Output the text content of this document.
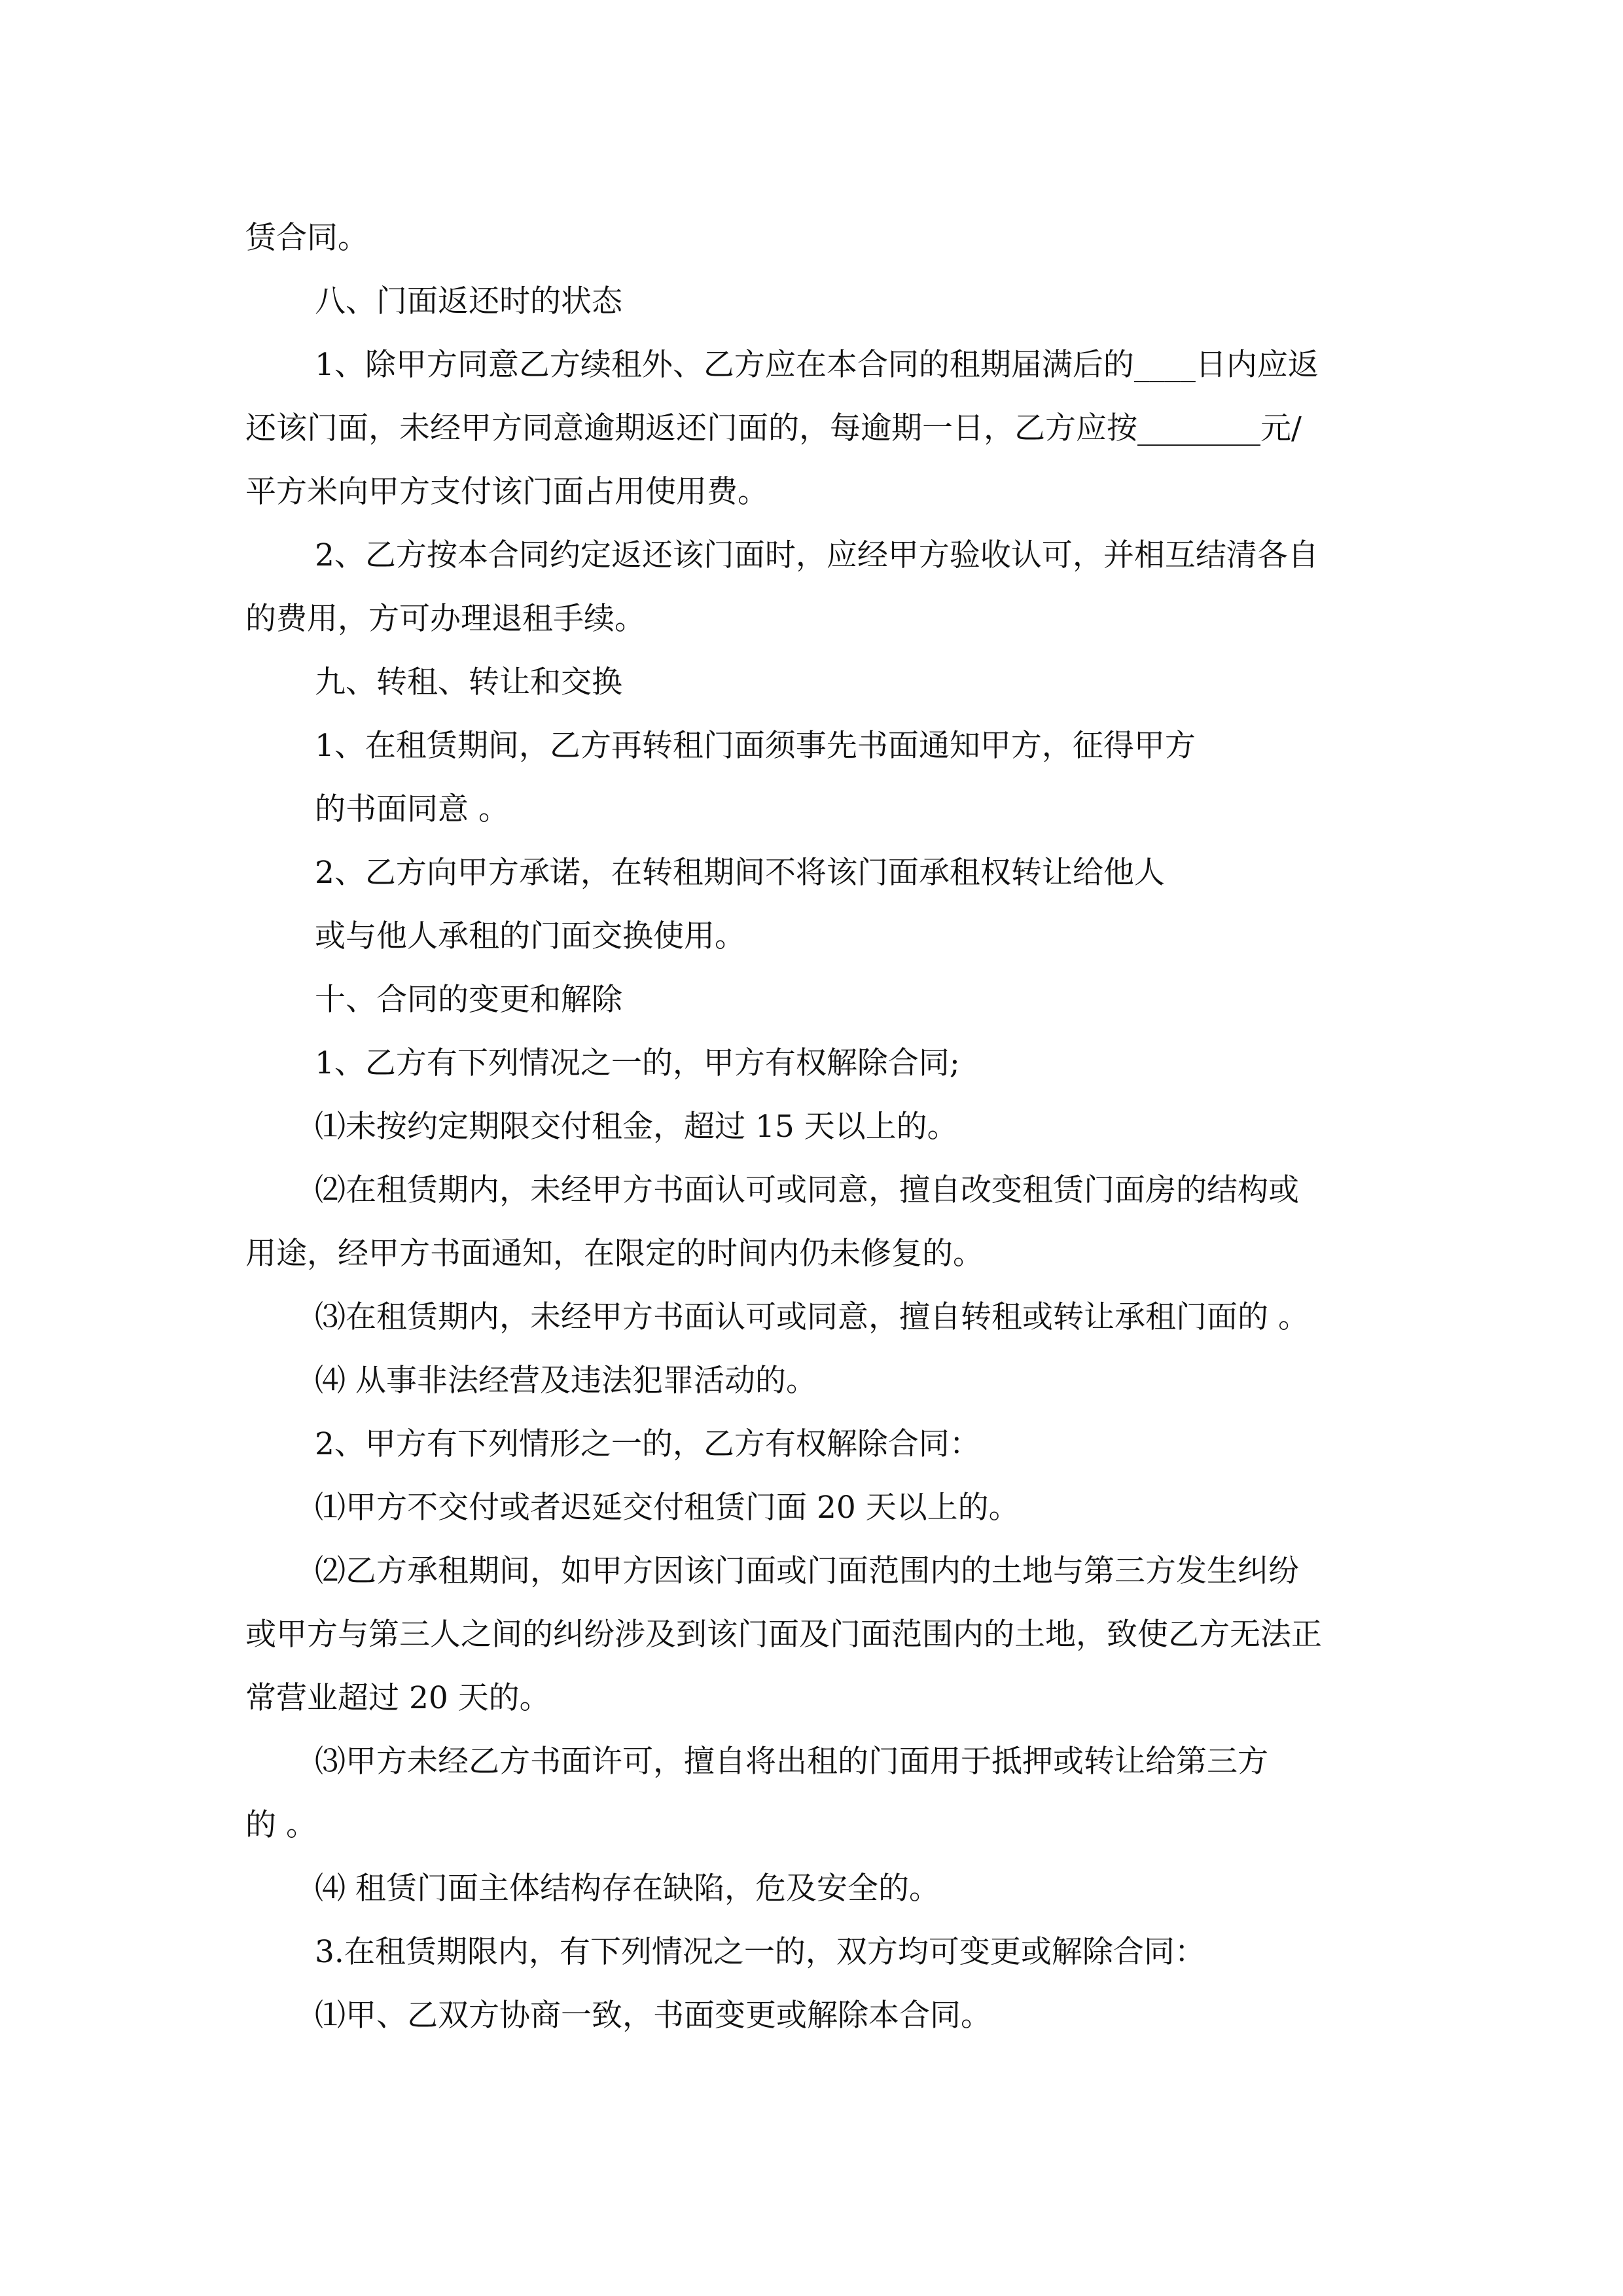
赁合同。
八、门面返还时的状态
1、除甲方同意乙方续租外、乙方应在本合同的租期届满后的____日内应返
还该门面，未经甲方同意逾期返还门面的，每逾期一日，乙方应按________元/
平方米向甲方支付该门面占用使用费。
2、乙方按本合同约定返还该门面时，应经甲方验收认可，并相互结清各自
的费用，方可办理退租手续。
九、转租、转让和交换
1、在租赁期间，乙方再转租门面须事先书面通知甲方，征得甲方
的书面同意 。
2、乙方向甲方承诺，在转租期间不将该门面承租权转让给他人
或与他人承租的门面交换使用。
十、合同的变更和解除
1、乙方有下列情况之一的，甲方有权解除合同;
⑴未按约定期限交付租金，超过 15 天以上的。
⑵在租赁期内，未经甲方书面认可或同意，擅自改变租赁门面房的结构或
用途，经甲方书面通知，在限定的时间内仍未修复的。
⑶在租赁期内，未经甲方书面认可或同意，擅自转租或转让承租门面的 。
⑷ 从事非法经营及违法犯罪活动的。
2、甲方有下列情形之一的，乙方有权解除合同：
⑴甲方不交付或者迟延交付租赁门面 20 天以上的。
⑵乙方承租期间，如甲方因该门面或门面范围内的土地与第三方发生纠纷
或甲方与第三人之间的纠纷涉及到该门面及门面范围内的土地，致使乙方无法正
常营业超过 20 天的。
⑶甲方未经乙方书面许可，擅自将出租的门面用于抵押或转让给第三方
的 。
⑷ 租赁门面主体结构存在缺陷，危及安全的。
3.在租赁期限内，有下列情况之一的，双方均可变更或解除合同：
⑴甲、乙双方协商一致，书面变更或解除本合同。
